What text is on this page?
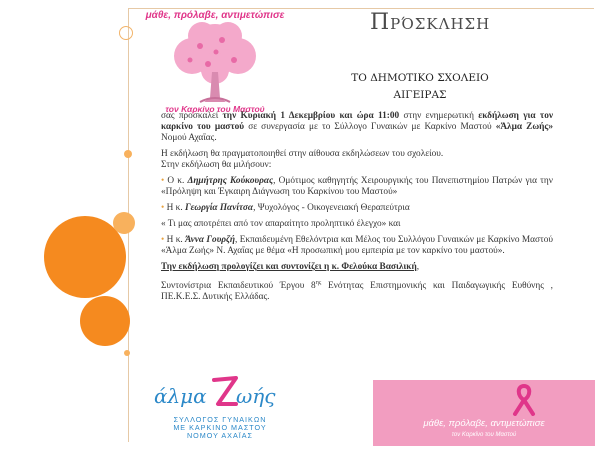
μάθε, πρόλαβε, αντιμετώπισε
τον Καρκίνο του Μαστού
Πρόσκληση
ΤΟ ΔΗΜΟΤΙΚΟ ΣΧΟΛΕΙΟ
ΑΙΓΕΙΡΑΣ

σας προσκαλεί την Κυριακή 1 Δεκεμβρίου και ώρα 11:00 στην ενημερωτική εκδήλωση για τον καρκίνο του μαστού σε συνεργασία με το Σύλλογο Γυναικών με Καρκίνο Μαστού «Άλμα Ζωής» Νομού Αχαΐας.

Η εκδήλωση θα πραγματοποιηθεί στην αίθουσα εκδηλώσεων του σχολείου.

Στην εκδήλωση θα μιλήσουν:

• Ο κ. Δημήτρης Κούκουρας, Ομότιμος καθηγητής Χειρουργικής του Πανεπιστημίου Πατρών για την «Πρόληψη και Έγκαιρη Διάγνωση του Καρκίνου του Μαστού»

• Η κ. Γεωργία Πανίτσα, Ψυχολόγος - Οικογενειακή Θεραπεύτρια

« Τι μας αποτρέπει από τον απαραίτητο προληπτικό έλεγχο» και

• Η κ. Άννα Γουρζή, Εκπαιδευμένη Εθελόντρια και Μέλος του Συλλόγου Γυναικών με Καρκίνο Μαστού «Άλμα Ζωής» Ν. Αχαΐας με θέμα «Η προσωπική μου εμπειρία με τον καρκίνο του μαστού».

Την εκδήλωση προλογίζει και συντονίζει η κ. Φελούκα Βασιλική,

Συντονίστρια Εκπαιδευτικού Έργου $8^{\eta\varsigma}$ Ενότητας Επιστημονικής και Παιδαγωγικής Ευθύνης , ΠΕ.Κ.Ε.Σ. Δυτικής Ελλάδας.

άλμα ωής
ΣΥΛΛΟΓΟΣ ΓΥΝΑΙΚΩΝ
ΜΕ ΚΑΡΚΙΝΟ ΜΑΣΤΟΥ
ΝΟΜΟΥ ΑΧΑΪΑΣ
μάθε, πρόλαβε, αντιμετώπισε
τον Καρκίνο του Μαστού
